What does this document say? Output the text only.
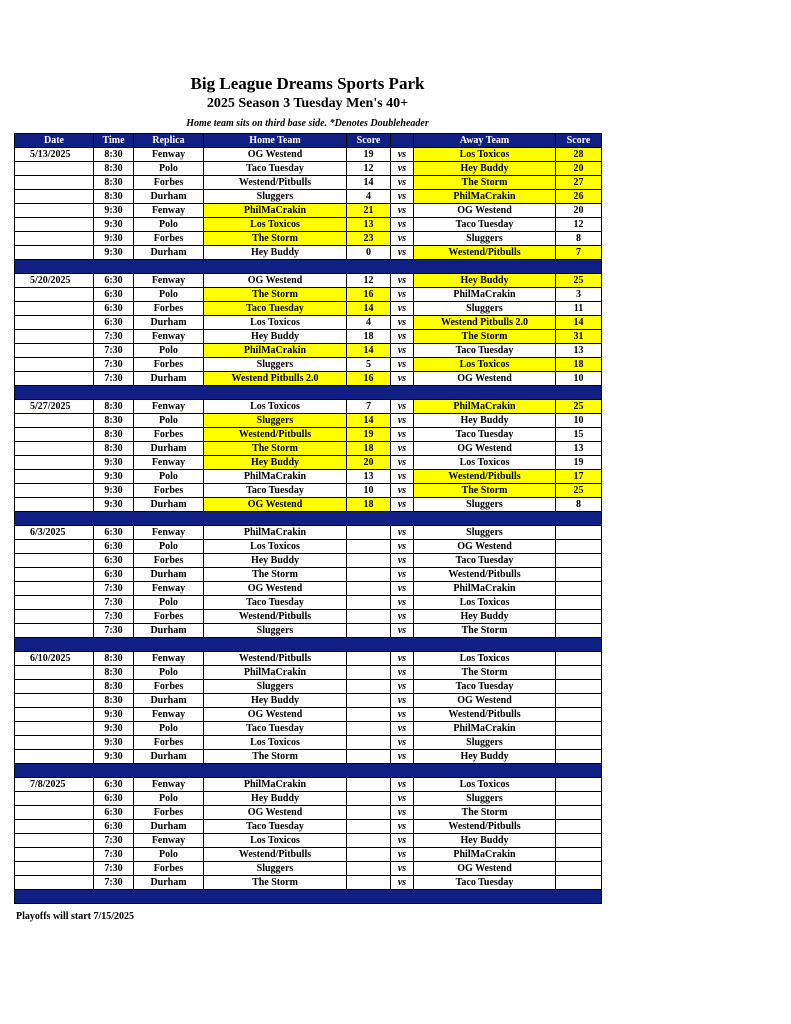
Big League Dreams Sports Park
2025 Season 3 Tuesday Men's 40+
Home team sits on third base side. *Denotes Doubleheader
Date	Time	Replica	Home Team	Score		Away Team	Score
5/13/2025	8:30	Fenway	OG Westend	19	vs	Los Toxicos	28
	8:30	Polo	Taco Tuesday	12	vs	Hey Buddy	20
	8:30	Forbes	Westend/Pitbulls	14	vs	The Storm	27
	8:30	Durham	Sluggers	4	vs	PhilMaCrakin	26
	9:30	Fenway	PhilMaCrakin	21	vs	OG Westend	20
	9:30	Polo	Los Toxicos	13	vs	Taco Tuesday	12
	9:30	Forbes	The Storm	23	vs	Sluggers	8
	9:30	Durham	Hey Buddy	0	vs	Westend/Pitbulls	7

5/20/2025	6:30	Fenway	OG Westend	12	vs	Hey Buddy	25
	6:30	Polo	The Storm	16	vs	PhilMaCrakin	3
	6:30	Forbes	Taco Tuesday	14	vs	Sluggers	11
	6:30	Durham	Los Toxicos	4	vs	Westend Pitbulls 2.0	14
	7:30	Fenway	Hey Buddy	18	vs	The Storm	31
	7:30	Polo	PhilMaCrakin	14	vs	Taco Tuesday	13
	7:30	Forbes	Sluggers	5	vs	Los Toxicos	18
	7:30	Durham	Westend Pitbulls 2.0	16	vs	OG Westend	10

5/27/2025	8:30	Fenway	Los Toxicos	7	vs	PhilMaCrakin	25
	8:30	Polo	Sluggers	14	vs	Hey Buddy	10
	8:30	Forbes	Westend/Pitbulls	19	vs	Taco Tuesday	15
	8:30	Durham	The Storm	18	vs	OG Westend	13
	9:30	Fenway	Hey Buddy	20	vs	Los Toxicos	19
	9:30	Polo	PhilMaCrakin	13	vs	Westend/Pitbulls	17
	9:30	Forbes	Taco Tuesday	10	vs	The Storm	25
	9:30	Durham	OG Westend	18	vs	Sluggers	8

6/3/2025	6:30	Fenway	PhilMaCrakin		vs	Sluggers	
	6:30	Polo	Los Toxicos		vs	OG Westend	
	6:30	Forbes	Hey Buddy		vs	Taco Tuesday	
	6:30	Durham	The Storm		vs	Westend/Pitbulls	
	7:30	Fenway	OG Westend		vs	PhilMaCrakin	
	7:30	Polo	Taco Tuesday		vs	Los Toxicos	
	7:30	Forbes	Westend/Pitbulls		vs	Hey Buddy	
	7:30	Durham	Sluggers		vs	The Storm	

6/10/2025	8:30	Fenway	Westend/Pitbulls		vs	Los Toxicos	
	8:30	Polo	PhilMaCrakin		vs	The Storm	
	8:30	Forbes	Sluggers		vs	Taco Tuesday	
	8:30	Durham	Hey Buddy		vs	OG Westend	
	9:30	Fenway	OG Westend		vs	Westend/Pitbulls	
	9:30	Polo	Taco Tuesday		vs	PhilMaCrakin	
	9:30	Forbes	Los Toxicos		vs	Sluggers	
	9:30	Durham	The Storm		vs	Hey Buddy	

7/8/2025	6:30	Fenway	PhilMaCrakin		vs	Los Toxicos	
	6:30	Polo	Hey Buddy		vs	Sluggers	
	6:30	Forbes	OG Westend		vs	The Storm	
	6:30	Durham	Taco Tuesday		vs	Westend/Pitbulls	
	7:30	Fenway	Los Toxicos		vs	Hey Buddy	
	7:30	Polo	Westend/Pitbulls		vs	PhilMaCrakin	
	7:30	Forbes	Sluggers		vs	OG Westend	
	7:30	Durham	The Storm		vs	Taco Tuesday	

Playoffs will start 7/15/2025
